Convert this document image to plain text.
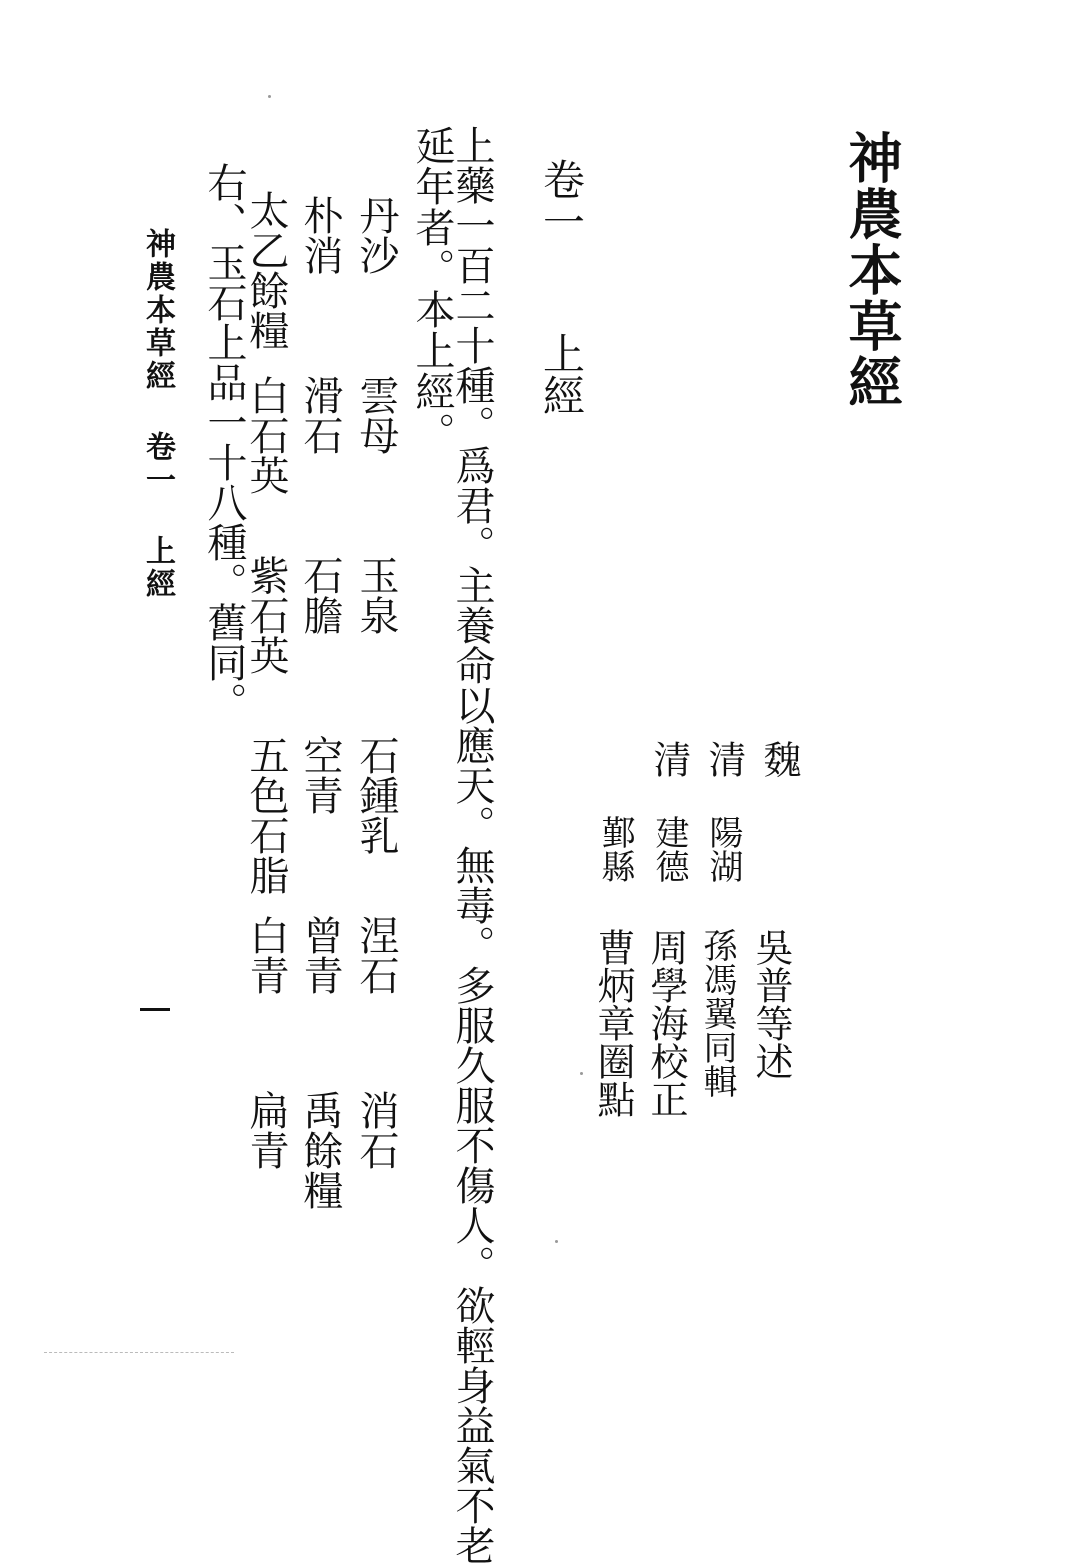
神農本草經
魏
吳普等述
清
陽湖
孫馮翼同輯
清
建德
周學海校正
鄞縣
曹炳章圈點
卷一上經
上藥一百二十種。爲君。主養命以應天。無毒。多服久服不傷人。欲輕身益氣不老
延年者。本上經。
丹沙
雲母
玉泉
石鍾乳
涅石
消石
朴消
滑石
石膽
空青
曾青
禹餘糧
太乙餘糧
白石英
紫石英
五色石脂
白青
扁青
右、玉石上品一十八種。舊同。
神農本草經 卷一 上經
